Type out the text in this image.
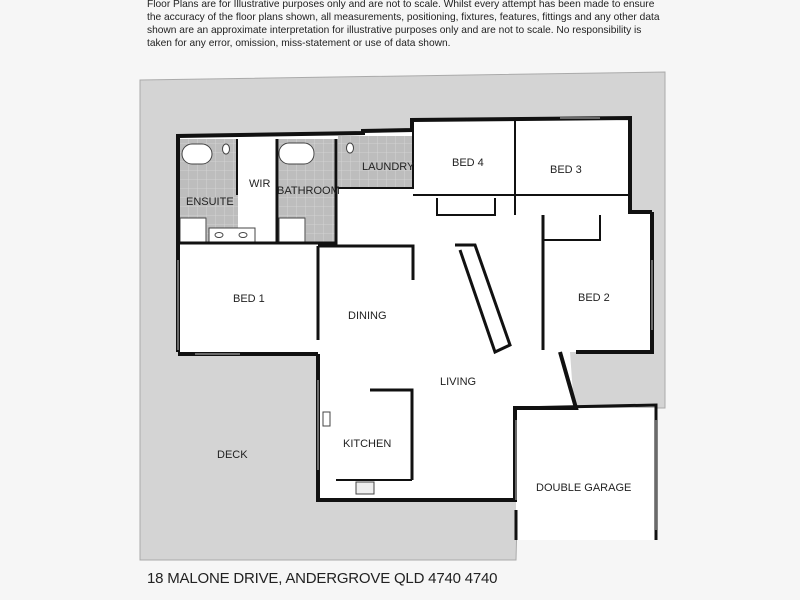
Floor Plans are for Illustrative purposes only and are not to scale. Whilst every attempt has been made to ensure
the accuracy of the floor plans shown, all measurements, positioning, fixtures, features, fittings and any other data
shown are an approximate interpretation for illustrative purposes only and are not to scale. No responsibility is
taken for any error, omission, miss-statement or use of data shown.
ENSUITE
WIR
BATHROOM
LAUNDRY	BED 4
BED 3
BED 1
DINING
BED 2
LIVING
KITCHEN
DECK
DOUBLE GARAGE
18 MALONE DRIVE, ANDERGROVE QLD 4740 4740
